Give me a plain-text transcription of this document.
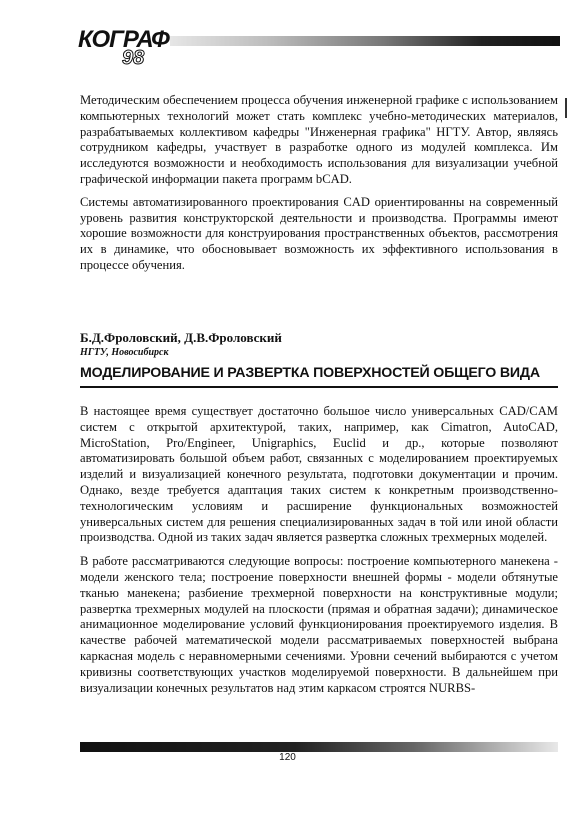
КОГРАФ
98

Методическим обеспечением процесса обучения инженерной графике с использованием компьютерных технологий может стать комплекс учебно-методических материалов, разрабатываемых коллективом кафедры "Инженерная графика" НГТУ. Автор, являясь сотрудником кафедры, участвует в разработке одного из модулей комплекса. Им исследуются возможности и необходимость использования для визуализации учебной графической информации пакета программ bCAD.

Системы автоматизированного проектирования CAD ориентированны на современный уровень развития конструкторской деятельности и производства. Программы имеют хорошие возможности для конструирования пространственных объектов, рассмотрения их в динамике, что обосновывает возможность их эффективного использования в процессе обучения.

Б.Д.Фроловский, Д.В.Фроловский
НГТУ, Новосибирск
МОДЕЛИРОВАНИЕ И РАЗВЕРТКА ПОВЕРХНОСТЕЙ ОБЩЕГО ВИДА

В настоящее время существует достаточно большое число универсальных CAD/CAM систем с открытой архитектурой, таких, например, как Cimatron, AutoCAD, MicroStation, Pro/Engineer, Unigraphics, Euclid и др., которые позволяют автоматизировать большой объем работ, связанных с моделированием проектируемых изделий и визуализацией конечного результата, подготовки документации и прочим. Однако, везде требуется адаптация таких систем к конкретным производственно-технологическим условиям и расширение функциональных возможностей универсальных систем для решения специализированных задач в той или иной области производства. Одной из таких задач является развертка сложных трехмерных моделей.

В работе рассматриваются следующие вопросы: построение компьютерного манекена - модели женского тела; построение поверхности внешней формы - модели обтянутые тканью манекена; разбиение трехмерной поверхности на конструктивные модули; развертка трехмерных модулей на плоскости (прямая и обратная задачи); динамическое анимационное моделирование условий функционирования проектируемого изделия. В качестве рабочей математической модели рассматриваемых поверхностей выбрана каркасная модель с неравномерными сечениями. Уровни сечений выбираются с учетом кривизны соответствующих участков моделируемой поверхности. В дальнейшем при визуализации конечных результатов над этим каркасом строятся NURBS-

120
